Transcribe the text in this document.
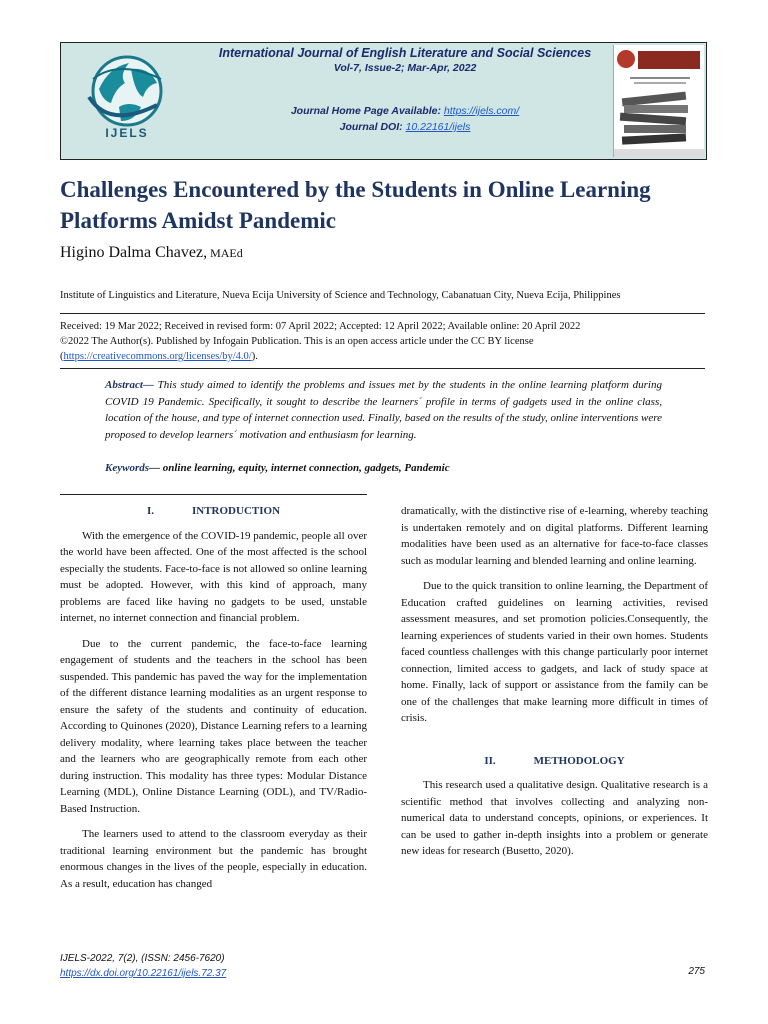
IJELS
International Journal of English Literature and Social Sciences
Vol-7, Issue-2; Mar-Apr, 2022
Journal Home Page Available: https://ijels.com/
Journal DOI: 10.22161/ijels
Challenges Encountered by the Students in Online Learning Platforms Amidst Pandemic
Higino Dalma Chavez, MAEd
Institute of Linguistics and Literature, Nueva Ecija University of Science and Technology, Cabanatuan City, Nueva Ecija, Philippines
Received: 19 Mar 2022; Received in revised form: 07 April 2022; Accepted: 12 April 2022; Available online: 20 April 2022
©2022 The Author(s). Published by Infogain Publication. This is an open access article under the CC BY license
(https://creativecommons.org/licenses/by/4.0/).
Abstract— This study aimed to identify the problems and issues met by the students in the online learning platform during COVID 19 Pandemic. Specifically, it sought to describe the learners´ profile in terms of gadgets used in the online class, location of the house, and type of internet connection used. Finally, based on the results of the study, online interventions were proposed to develop learners´ motivation and enthusiasm for learning.
Keywords— online learning, equity, internet connection, gadgets, Pandemic
I.	INTRODUCTION

With the emergence of the COVID-19 pandemic, people all over the world have been affected. One of the most affected is the school especially the students. Face-to-face is not allowed so online learning must be adopted. However, with this kind of approach, many problems are faced like having no gadgets to be used, unstable internet, no internet connection and financial problem.

Due to the current pandemic, the face-to-face learning engagement of students and the teachers in the school has been suspended. This pandemic has paved the way for the implementation of the different distance learning modalities as an urgent response to ensure the safety of the students and continuity of education. According to Quinones (2020), Distance Learning refers to a learning delivery modality, where learning takes place between the teacher and the learners who are geographically remote from each other during instruction. This modality has three types: Modular Distance Learning (MDL), Online Distance Learning (ODL), and TV/Radio-Based Instruction.

The learners used to attend to the classroom everyday as their traditional learning environment but the pandemic has brought enormous changes in the lives of the people, especially in education. As a result, education has changed

dramatically, with the distinctive rise of e-learning, whereby teaching is undertaken remotely and on digital platforms. Different learning modalities have been used as an alternative for face-to-face classes such as modular learning and blended learning and online learning.

Due to the quick transition to online learning, the Department of Education crafted guidelines on learning activities, revised assessment measures, and set promotion policies.Consequently, the learning experiences of students varied in their own homes. Students faced countless challenges with this change particularly poor internet connection, limited access to gadgets, and lack of study space at home. Finally, lack of support or assistance from the family can be one of the challenges that make learning more difficult in times of crisis.

II.	METHODOLOGY

This research used a qualitative design. Qualitative research is a scientific method that involves collecting and analyzing non-numerical data to understand concepts, opinions, or experiences. It can be used to gather in-depth insights into a problem or generate new ideas for research (Busetto, 2020).

IJELS-2022, 7(2), (ISSN: 2456-7620)
https://dx.doi.org/10.22161/ijels.72.37	275
